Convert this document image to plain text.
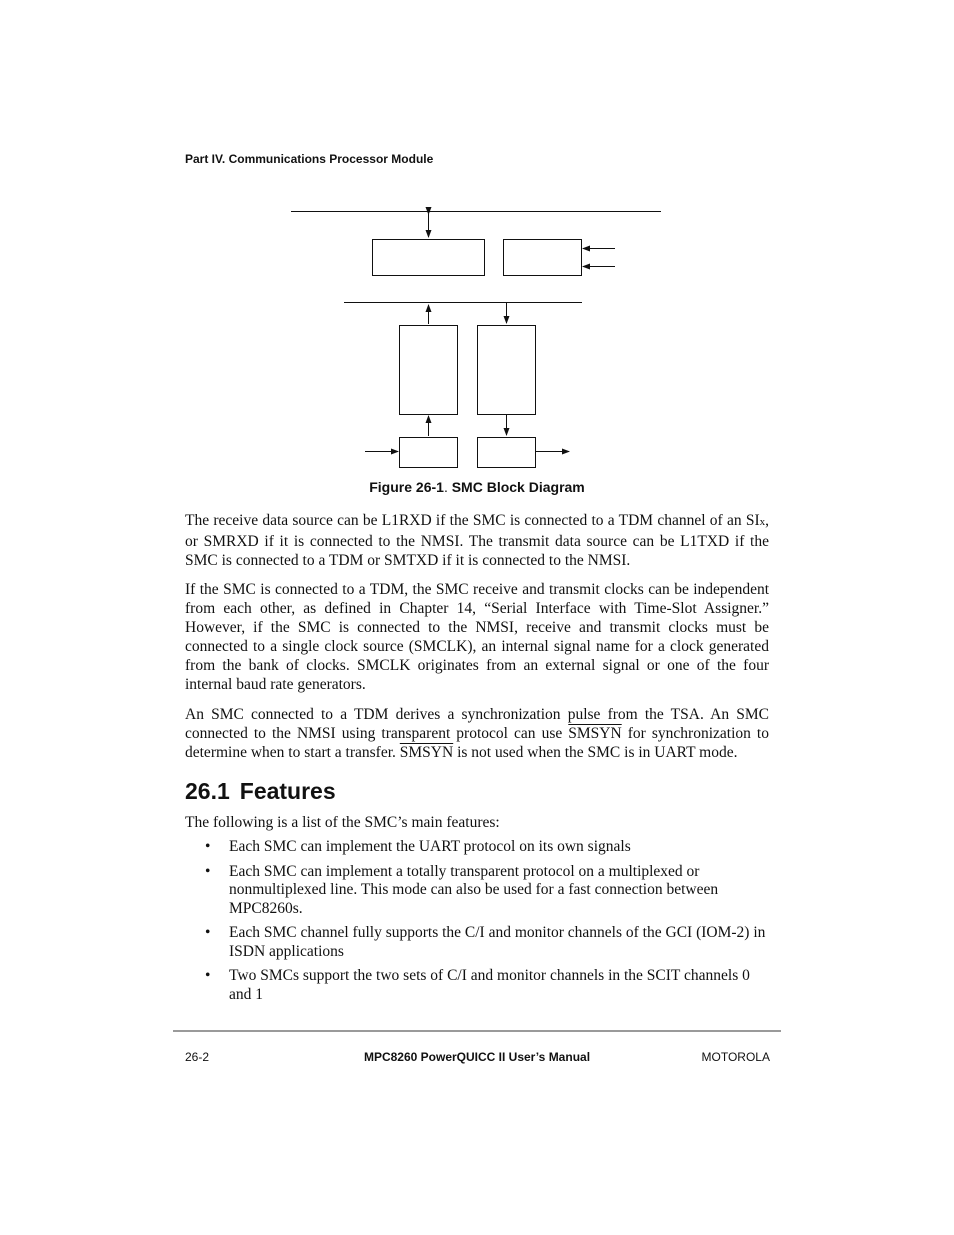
Part IV. Communications Processor Module
Figure 26-1. SMC Block Diagram

The receive data source can be L1RXD if the SMC is connected to a TDM channel of an SIx, or SMRXD if it is connected to the NMSI. The transmit data source can be L1TXD if the SMC is connected to a TDM or SMTXD if it is connected to the NMSI.

If the SMC is connected to a TDM, the SMC receive and transmit clocks can be independent from each other, as defined in Chapter 14, “Serial Interface with Time-Slot Assigner.” However, if the SMC is connected to the NMSI, receive and transmit clocks must be connected to a single clock source (SMCLK), an internal signal name for a clock generated from the bank of clocks. SMCLK originates from an external signal or one of the four internal baud rate generators.

An SMC connected to a TDM derives a synchronization pulse from the TSA. An SMC connected to the NMSI using transparent protocol can use SMSYN for synchronization to determine when to start a transfer. SMSYN is not used when the SMC is in UART mode.

26.1 Features

The following is a list of the SMC’s main features:

• Each SMC can implement the UART protocol on its own signals
• Each SMC can implement a totally transparent protocol on a multiplexed or nonmultiplexed line. This mode can also be used for a fast connection between MPC8260s.
• Each SMC channel fully supports the C/I and monitor channels of the GCI (IOM-2) in ISDN applications
• Two SMCs support the two sets of C/I and monitor channels in the SCIT channels 0 and 1
26-2	MPC8260 PowerQUICC II User’s Manual	MOTOROLA
